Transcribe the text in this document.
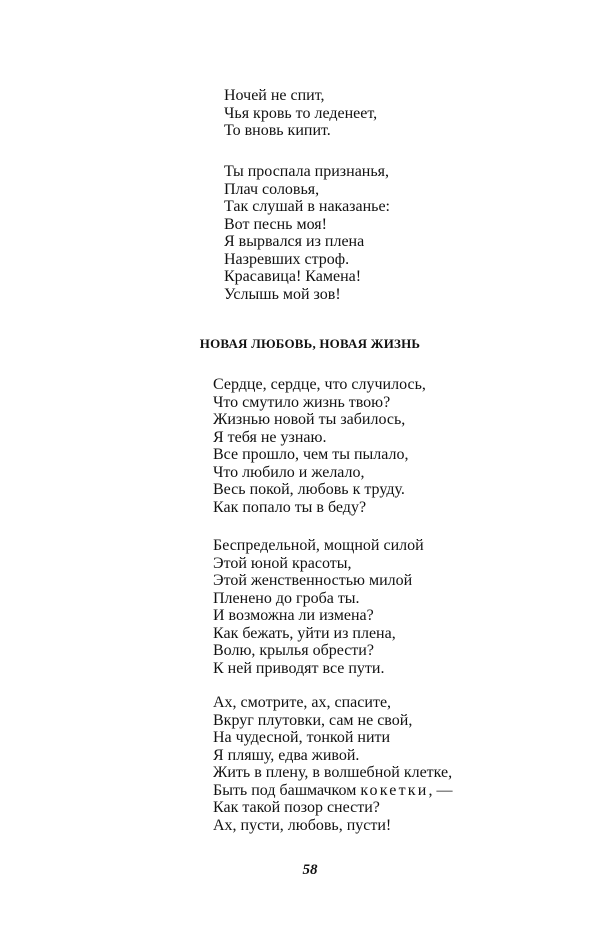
Ночей не спит,
Чья кровь то леденеет,
То вновь кипит.
Ты проспала признанья,
Плач соловья,
Так слушай в наказанье:
Вот песнь моя!
Я вырвался из плена
Назревших строф.
Красавица! Камена!
Услышь мой зов!
НОВАЯ ЛЮБОВЬ, НОВАЯ ЖИЗНЬ
Сердце, сердце, что случилось,
Что смутило жизнь твою?
Жизнью новой ты забилось,
Я тебя не узнаю.
Все прошло, чем ты пылало,
Что любило и желало,
Весь покой, любовь к труду.
Как попало ты в беду?
Беспредельной, мощной силой
Этой юной красоты,
Этой женственностью милой
Пленено до гроба ты.
И возможна ли измена?
Как бежать, уйти из плена,
Волю, крылья обрести?
К ней приводят все пути.
Ах, смотрите, ах, спасите,
Вкруг плутовки, сам не свой,
На чудесной, тонкой нити
Я пляшу, едва живой.
Жить в плену, в волшебной клетке,
Быть под башмачком кокетки, —
Как такой позор снести?
Ах, пусти, любовь, пусти!
58
